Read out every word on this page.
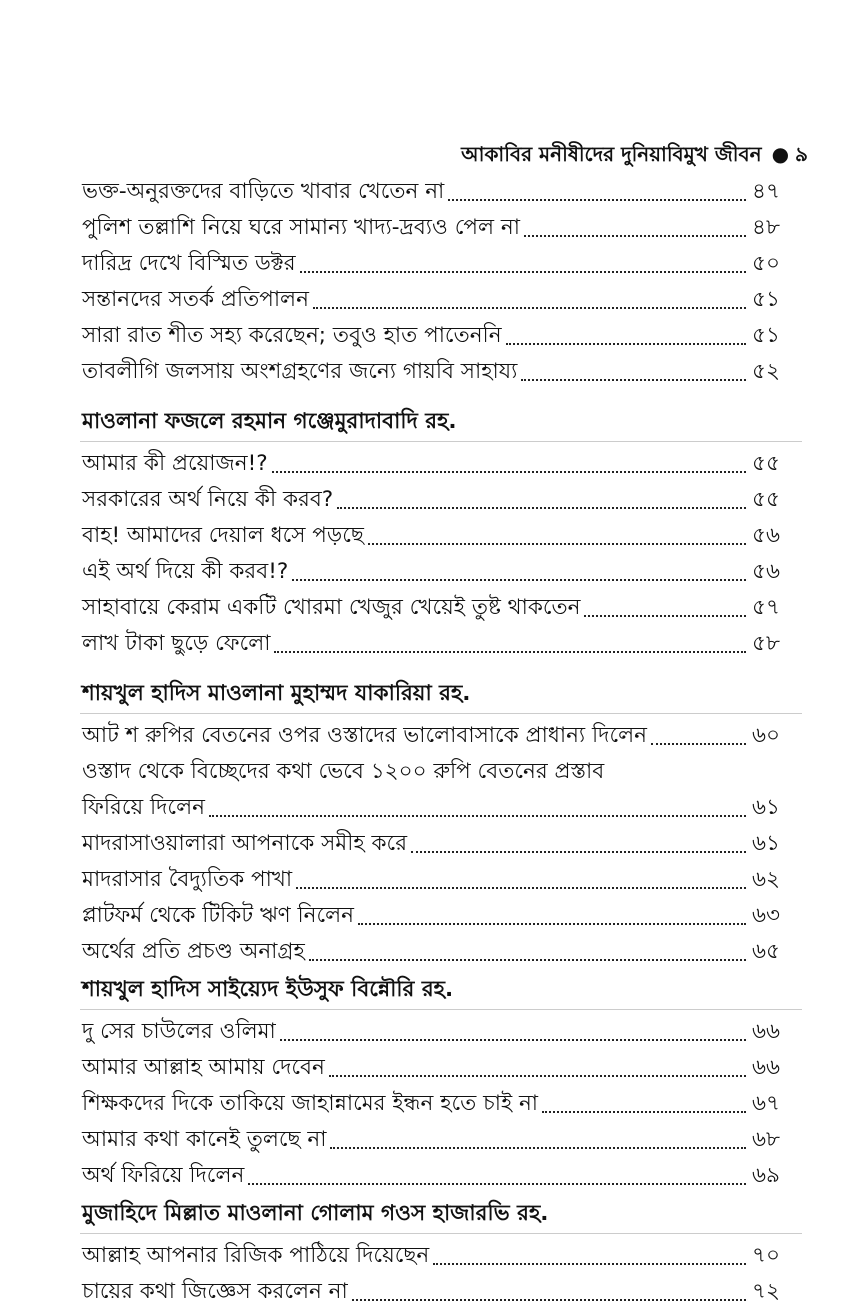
আকাবির মনীষীদের দুনিয়াবিমুখ জীবন ● ৯
ভক্ত-অনুরক্তদের বাড়িতে খাবার খেতেন না	৪৭
পুলিশ তল্লাশি নিয়ে ঘরে সামান্য খাদ্য-দ্রব্যও পেল না	৪৮
দারিদ্র দেখে বিস্মিত ডক্টর	৫০
সন্তানদের সতর্ক প্রতিপালন	৫১
সারা রাত শীত সহ্য করেছেন; তবুও হাত পাতেননি	৫১
তাবলীগি জলসায় অংশগ্রহণের জন্যে গায়বি সাহায্য	৫২
মাওলানা ফজলে রহমান গঞ্জেমুরাদাবাদি রহ.
আমার কী প্রয়োজন!?	৫৫
সরকারের অর্থ নিয়ে কী করব?	৫৫
বাহ! আমাদের দেয়াল ধসে পড়ছে	৫৬
এই অর্থ দিয়ে কী করব!?	৫৬
সাহাবায়ে কেরাম একটি খোরমা খেজুর খেয়েই তুষ্ট থাকতেন	৫৭
লাখ টাকা ছুড়ে ফেলো	৫৮
শায়খুল হাদিস মাওলানা মুহাম্মদ যাকারিয়া রহ.
আট শ রুপির বেতনের ওপর ওস্তাদের ভালোবাসাকে প্রাধান্য দিলেন	৬০
ওস্তাদ থেকে বিচ্ছেদের কথা ভেবে ১২০০ রুপি বেতনের প্রস্তাব
ফিরিয়ে দিলেন	৬১
মাদরাসাওয়ালারা আপনাকে সমীহ করে	৬১
মাদরাসার বৈদ্যুতিক পাখা	৬২
প্লাটফর্ম থেকে টিকিট ঋণ নিলেন	৬৩
অর্থের প্রতি প্রচণ্ড অনাগ্রহ	৬৫
শায়খুল হাদিস সাইয়্যেদ ইউসুফ বিন্নৌরি রহ.
দু সের চাউলের ওলিমা	৬৬
আমার আল্লাহ আমায় দেবেন	৬৬
শিক্ষকদের দিকে তাকিয়ে জাহান্নামের ইন্ধন হতে চাই না	৬৭
আমার কথা কানেই তুলছে না	৬৮
অর্থ ফিরিয়ে দিলেন	৬৯
মুজাহিদে মিল্লাত মাওলানা গোলাম গওস হাজারভি রহ.
আল্লাহ আপনার রিজিক পাঠিয়ে দিয়েছেন	৭০
চায়ের কথা জিজ্ঞেস করলেন না	৭২
